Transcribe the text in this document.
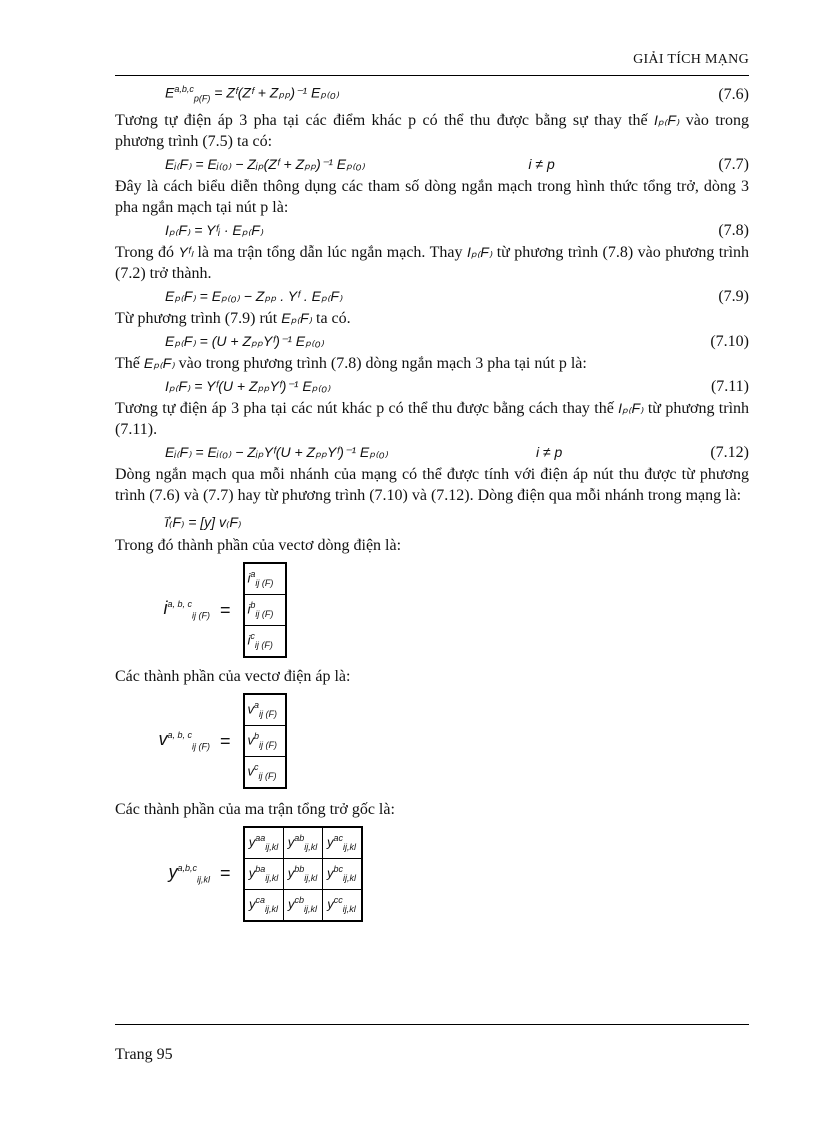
GIẢI TÍCH MẠNG
E$^{a,b,c}_{p(F)}$ = Zᶠ(Zᶠ + Zₚₚ)⁻¹ Eₚ₍₀₎	(7.6)

Tương tự điện áp 3 pha tại các điểm khác p có thể thu được bằng sự thay thế Iₚ₍F₎ vào trong phương trình (7.5) ta có:

Eᵢ₍F₎ = Eᵢ₍₀₎ − Zᵢₚ(Zᶠ + Zₚₚ)⁻¹ Eₚ₍₀₎	i ≠ p	(7.7)

Đây là cách biểu diễn thông dụng các tham số dòng ngắn mạch trong hình thức tổng trở, dòng 3 pha ngắn mạch tại nút p là:

Iₚ₍F₎ = Yᶠᵢ · Eₚ₍F₎	(7.8)

Trong đó Yᶠₗ là ma trận tổng dẫn lúc ngắn mạch. Thay Iₚ₍F₎ từ phương trình (7.8) vào phương trình (7.2) trở thành.

Eₚ₍F₎ = Eₚ₍₀₎ − Zₚₚ . Yᶠ . Eₚ₍F₎	(7.9)

Từ phương trình (7.9) rút Eₚ₍F₎ ta có.

Eₚ₍F₎ = (U + ZₚₚYᶠ)⁻¹ Eₚ₍₀₎	(7.10)

Thế Eₚ₍F₎ vào trong phương trình (7.8) dòng ngắn mạch 3 pha tại nút p là:

Iₚ₍F₎ = Yᶠ(U + ZₚₚYᶠ)⁻¹ Eₚ₍₀₎	(7.11)

Tương tự điện áp 3 pha tại các nút khác p có thể thu được bằng cách thay thế Iₚ₍F₎ từ phương trình (7.11).

Eᵢ₍F₎ = Eᵢ₍₀₎ − ZᵢₚYᶠ(U + ZₚₚYᶠ)⁻¹ Eₚ₍₀₎	i ≠ p	(7.12)

Dòng ngắn mạch qua mỗi nhánh của mạng có thể được tính với điện áp nút thu được từ phương trình (7.6) và (7.7) hay từ phương trình (7.10) và (7.12). Dòng điện qua mỗi nhánh trong mạng là:

i⃗₍F₎ = [y] v₍F₎

Trong đó thành phần của vectơ dòng điện là:

$i^{a, b, c}_{ij (F)}$ =
$i^a_{ij (F)}$
$i^b_{ij (F)}$
$i^c_{ij (F)}$

Các thành phần của vectơ điện áp là:

$v^{a, b, c}_{ij (F)}$ =
$v^a_{ij (F)}$
$v^b_{ij (F)}$
$v^c_{ij (F)}$

Các thành phần của ma trận tổng trở gốc là:

$y^{a,b,c}_{ij,kl}$ =
$y^{aa}_{ij,kl}$	$y^{ab}_{ij,kl}$	$y^{ac}_{ij,kl}$
$y^{ba}_{ij,kl}$	$y^{bb}_{ij,kl}$	$y^{bc}_{ij,kl}$
$y^{ca}_{ij,kl}$	$y^{cb}_{ij,kl}$	$y^{cc}_{ij,kl}$
Trang 95
